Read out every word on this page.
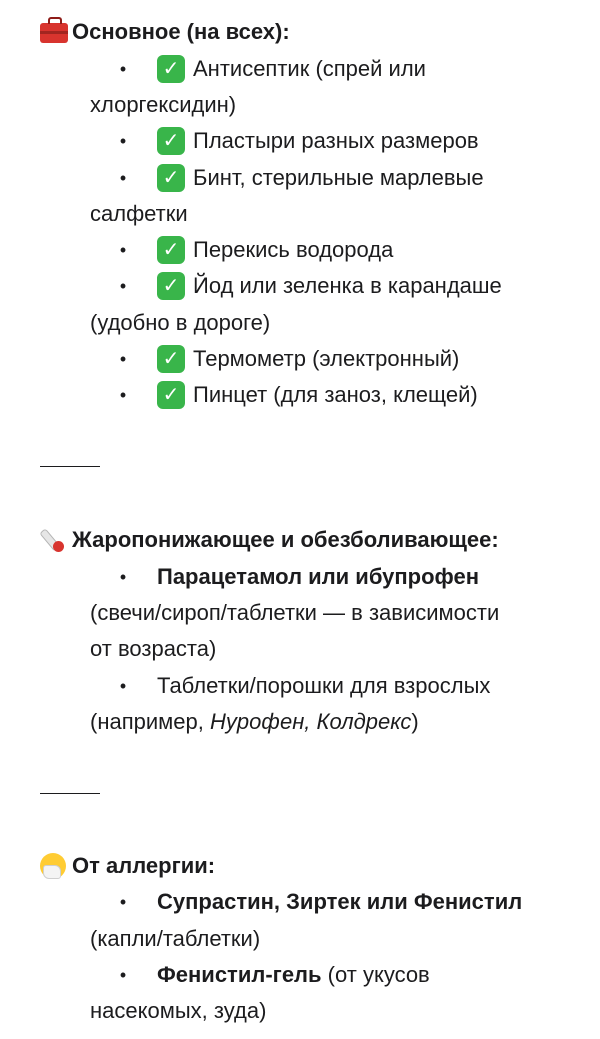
Основное (на всех):
• ✓ Антисептик (спрей или
хлоргексидин)
• ✓ Пластыри разных размеров
• ✓ Бинт, стерильные марлевые
салфетки
• ✓ Перекись водорода
• ✓ Йод или зеленка в карандаше
(удобно в дороге)
• ✓ Термометр (электронный)
• ✓ Пинцет (для заноз, клещей)
Жаропонижающее и обезболивающее:
• Парацетамол или ибупрофен
(свечи/сироп/таблетки — в зависимости
от возраста)
• Таблетки/порошки для взрослых
(например, Нурофен, Колдрекс)
От аллергии:
• Супрастин, Зиртек или Фенистил
(капли/таблетки)
• Фенистил-гель (от укусов
насекомых, зуда)
